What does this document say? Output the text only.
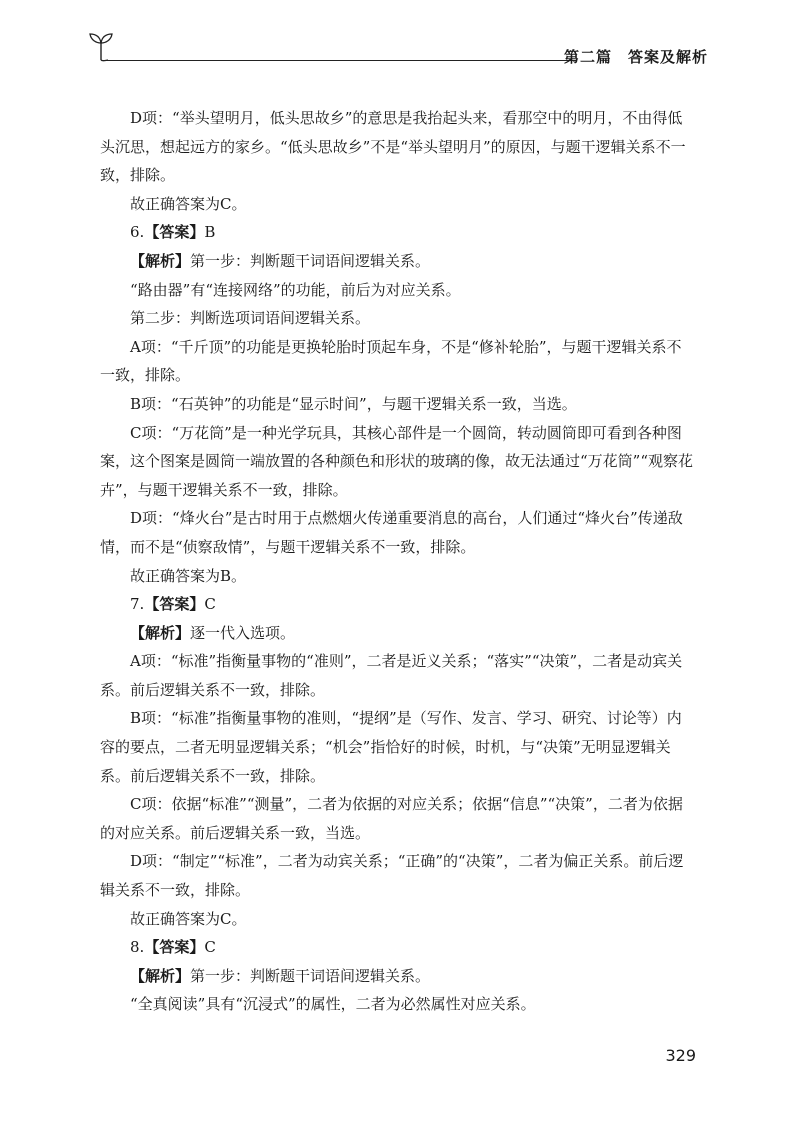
第二篇　答案及解析

D项：“举头望明月，低头思故乡”的意思是我抬起头来，看那空中的明月，不由得低头沉思，想起远方的家乡。“低头思故乡”不是“举头望明月”的原因，与题干逻辑关系不一致，排除。

故正确答案为C。

6.【答案】B

【解析】第一步：判断题干词语间逻辑关系。

“路由器”有“连接网络”的功能，前后为对应关系。

第二步：判断选项词语间逻辑关系。

A项：“千斤顶”的功能是更换轮胎时顶起车身，不是“修补轮胎”，与题干逻辑关系不一致，排除。

B项：“石英钟”的功能是“显示时间”，与题干逻辑关系一致，当选。

C项：“万花筒”是一种光学玩具，其核心部件是一个圆筒，转动圆筒即可看到各种图案，这个图案是圆筒一端放置的各种颜色和形状的玻璃的像，故无法通过“万花筒”“观察花卉”，与题干逻辑关系不一致，排除。

D项：“烽火台”是古时用于点燃烟火传递重要消息的高台，人们通过“烽火台”传递敌情，而不是“侦察敌情”，与题干逻辑关系不一致，排除。

故正确答案为B。

7.【答案】C

【解析】逐一代入选项。

A项：“标准”指衡量事物的“准则”，二者是近义关系；“落实”“决策”，二者是动宾关系。前后逻辑关系不一致，排除。

B项：“标准”指衡量事物的准则，“提纲”是（写作、发言、学习、研究、讨论等）内容的要点，二者无明显逻辑关系；“机会”指恰好的时候，时机，与“决策”无明显逻辑关系。前后逻辑关系不一致，排除。

C项：依据“标准”“测量”，二者为依据的对应关系；依据“信息”“决策”，二者为依据的对应关系。前后逻辑关系一致，当选。

D项：“制定”“标准”，二者为动宾关系；“正确”的“决策”，二者为偏正关系。前后逻辑关系不一致，排除。

故正确答案为C。

8.【答案】C

【解析】第一步：判断题干词语间逻辑关系。

“全真阅读”具有“沉浸式”的属性，二者为必然属性对应关系。

329
